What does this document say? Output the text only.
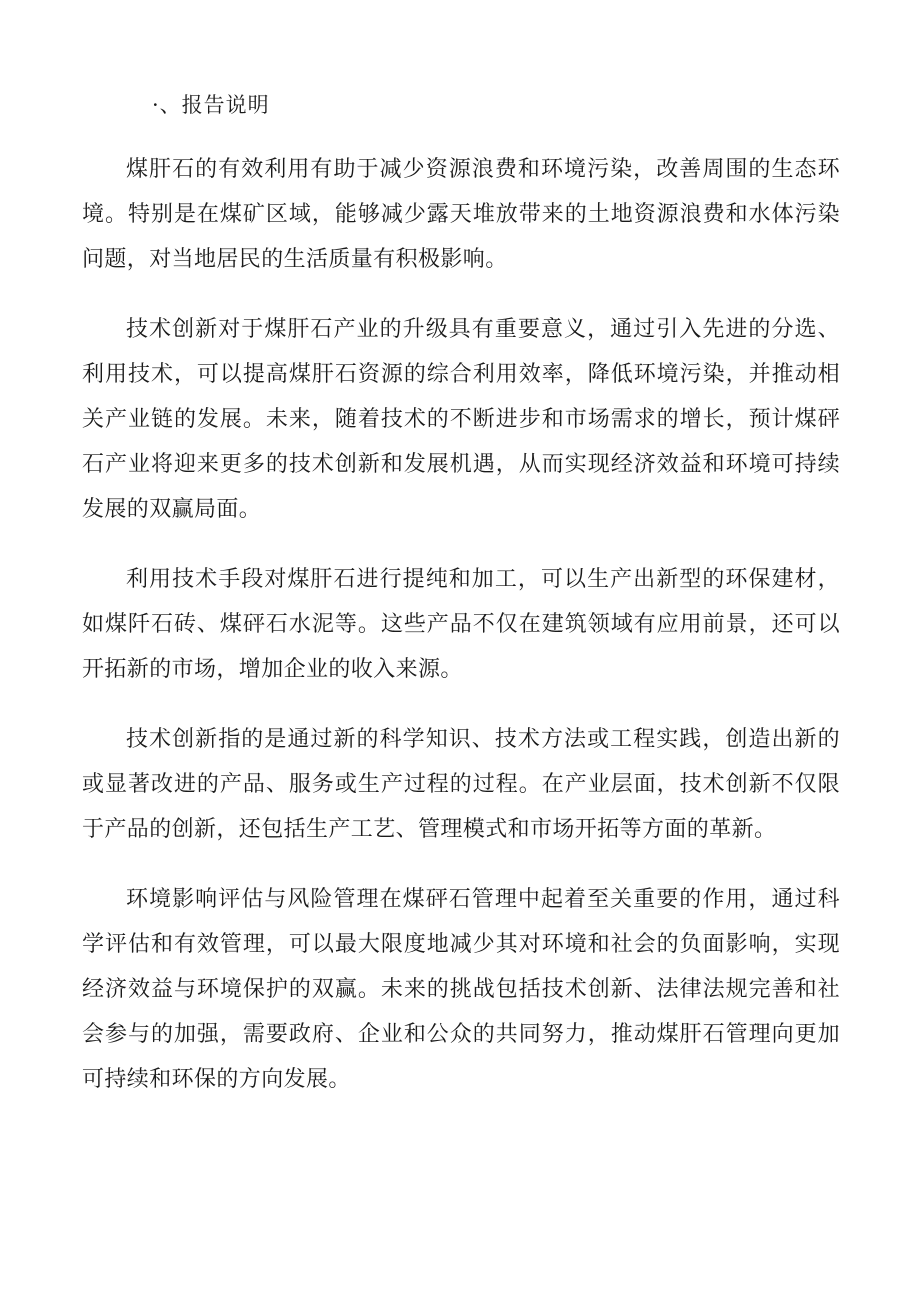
·、报告说明

煤肝石的有效利用有助于减少资源浪费和环境污染，改善周围的生态环境。特别是在煤矿区域，能够减少露天堆放带来的土地资源浪费和水体污染问题，对当地居民的生活质量有积极影响。

技术创新对于煤肝石产业的升级具有重要意义，通过引入先进的分选、利用技术，可以提高煤肝石资源的综合利用效率，降低环境污染，并推动相关产业链的发展。未来，随着技术的不断进步和市场需求的增长，预计煤砰石产业将迎来更多的技术创新和发展机遇，从而实现经济效益和环境可持续发展的双赢局面。

利用技术手段对煤肝石进行提纯和加工，可以生产出新型的环保建材，如煤阡石砖、煤砰石水泥等。这些产品不仅在建筑领域有应用前景，还可以开拓新的市场，增加企业的收入来源。

技术创新指的是通过新的科学知识、技术方法或工程实践，创造出新的或显著改进的产品、服务或生产过程的过程。在产业层面，技术创新不仅限于产品的创新，还包括生产工艺、管理模式和市场开拓等方面的革新。

环境影响评估与风险管理在煤砰石管理中起着至关重要的作用，通过科学评估和有效管理，可以最大限度地减少其对环境和社会的负面影响，实现经济效益与环境保护的双赢。未来的挑战包括技术创新、法律法规完善和社会参与的加强，需要政府、企业和公众的共同努力，推动煤肝石管理向更加可持续和环保的方向发展。
